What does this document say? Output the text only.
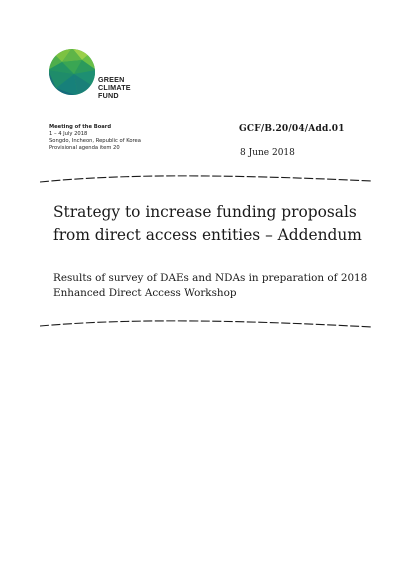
GREEN
CLIMATE
FUND
Meeting of the Board
1 – 4 July 2018
Songdo, Incheon, Republic of Korea
Provisional agenda item 20
GCF/B.20/04/Add.01
8 June 2018
Strategy to increase funding proposals from direct access entities – Addendum
Results of survey of DAEs and NDAs in preparation of 2018 Enhanced Direct Access Workshop
